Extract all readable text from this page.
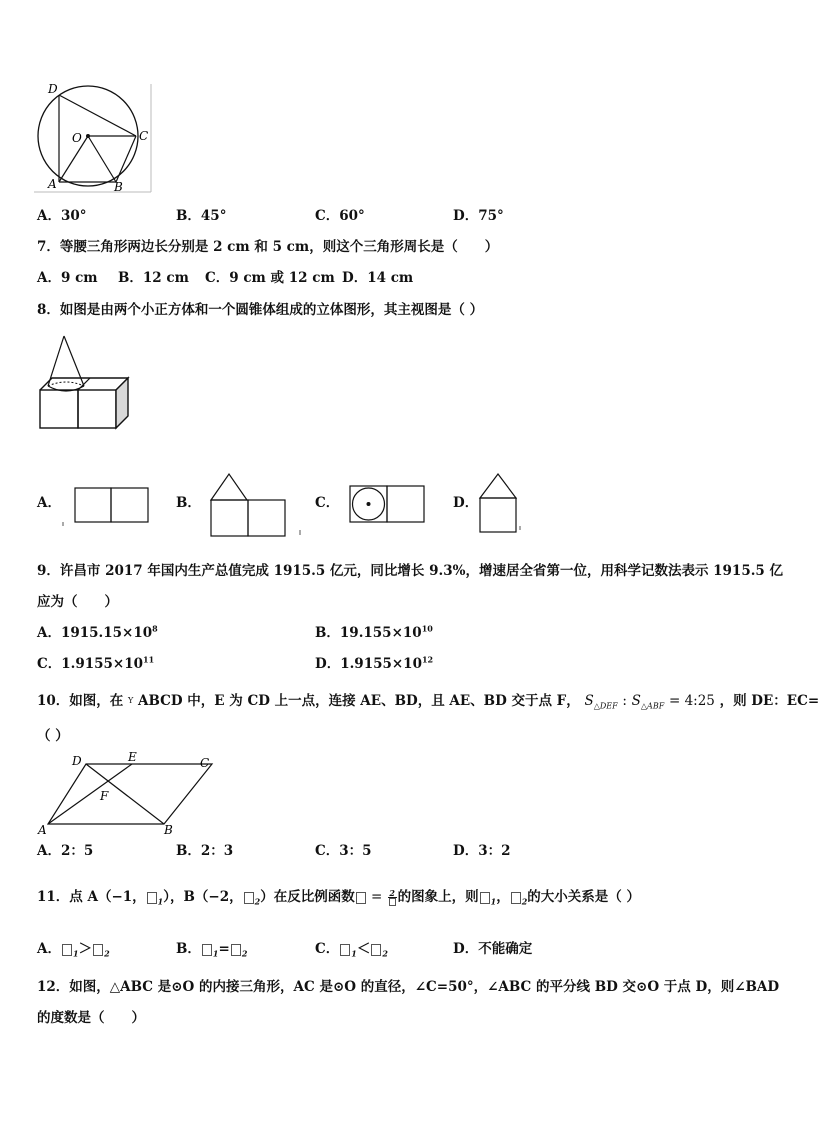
D
O	C
A	B
A．30°	B．45°	C．60°	D．75°
7．等腰三角形两边长分别是 2 cm 和 5 cm，则这个三角形周长是（　　）
A．9 cm B．12 cm C．9 cm 或 12 cm D．14 cm
8．如图是由两个小正方体和一个圆锥体组成的立体图形，其主视图是（ ）
A．	B．	C．	D．
9．许昌市 2017 年国内生产总值完成 1915.5 亿元，同比增长 9.3%，增速居全省第一位，用科学记数法表示 1915.5 亿
应为（　　）
A．$1915.15\times 10^8$	B．$19.155\times 10^{10}$
C．$1.9155\times 10^{11}$	D．$1.9155\times 10^{12}$
10．如图，在 $^Y$ ABCD 中，E 为 CD 上一点，连接 AE、BD，且 AE、BD 交于点 F， $S_{\triangle DEF}$ : $S_{\triangle ABF}$ = 4:25 ，则 DE：EC=
（ ）
D	E	C
F
A	B
A．2：5	B．2：3	C．3：5	D．3：2
11．点 A（−1， $_1$），B（−2， $_2$）在反比例函数 = 2 的图象上，则 $_1$， $_2$的大小关系是（ ）
A． $_1$＞ $_2$	B． $_1$= $_2$	C． $_1$＜ $_2$	D．不能确定
12．如图，△ABC 是⊙O 的内接三角形，AC 是⊙O 的直径，∠C=50°，∠ABC 的平分线 BD 交⊙O 于点 D，则∠BAD
的度数是（　　）
